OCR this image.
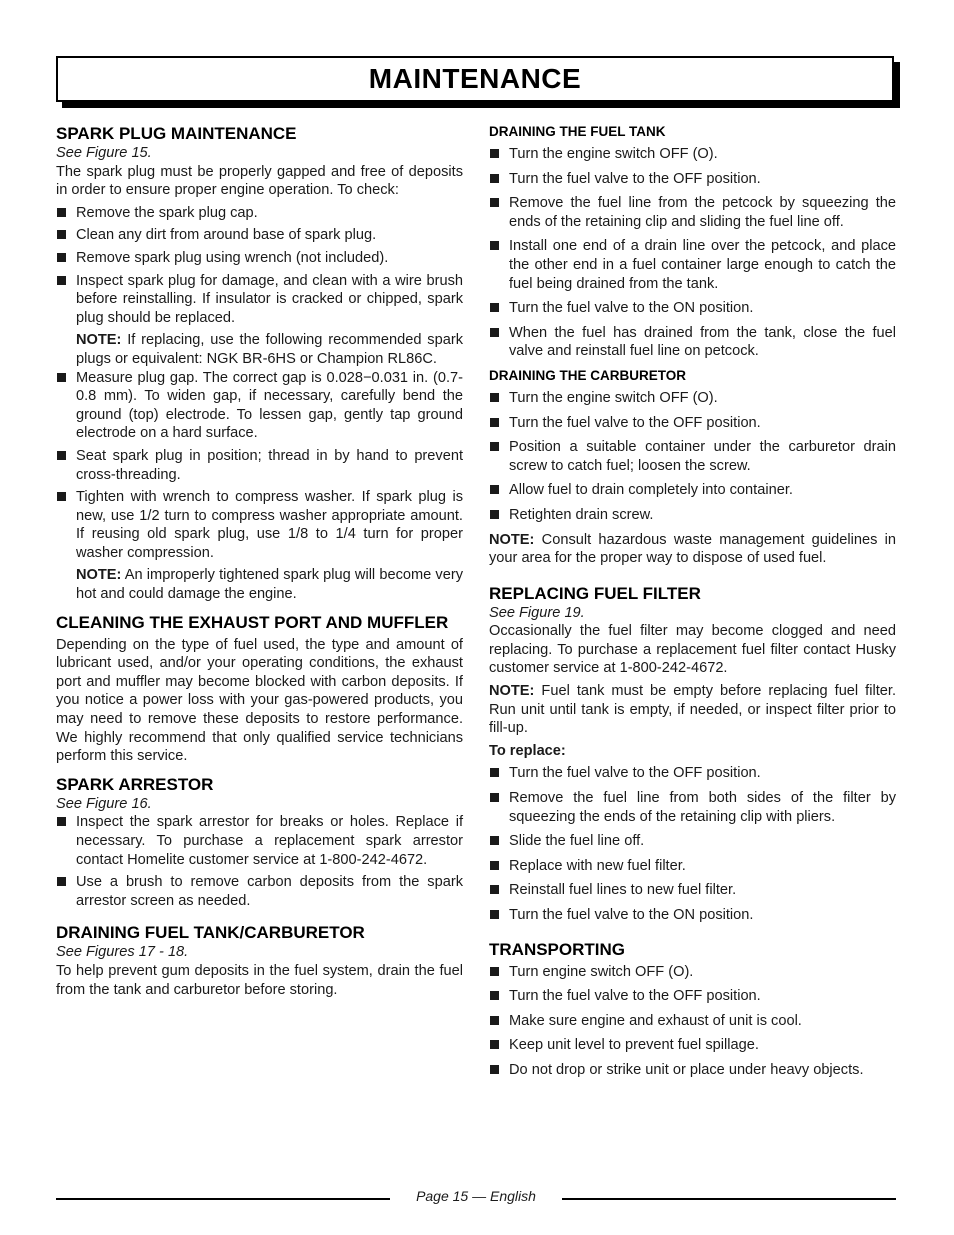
MAINTENANCE
SPARK PLUG MAINTENANCE

See Figure 15.

The spark plug must be properly gapped and free of deposits in order to ensure proper engine operation. To check:

Remove the spark plug cap.
Clean any dirt from around base of spark plug.
Remove spark plug using wrench (not included).
Inspect spark plug for damage, and clean with a wire brush before reinstalling. If insulator is cracked or chipped, spark plug should be replaced.

NOTE: If replacing, use the following recommended spark plugs or equivalent: NGK BR-6HS or Champion RL86C.

Measure plug gap. The correct gap is 0.028−0.031 in. (0.7-0.8 mm). To widen gap, if necessary, carefully bend the ground (top) electrode. To lessen gap, gently tap ground electrode on a hard surface.
Seat spark plug in position; thread in by hand to prevent cross-threading.
Tighten with wrench to compress washer. If spark plug is new, use 1/2 turn to compress washer appropriate amount. If reusing old spark plug, use 1/8 to 1/4 turn for proper washer compression.

NOTE: An improperly tightened spark plug will become very hot and could damage the engine.

CLEANING THE EXHAUST PORT AND MUFFLER

Depending on the type of fuel used, the type and amount of lubricant used, and/or your operating conditions, the exhaust port and muffler may become blocked with carbon deposits. If you notice a power loss with your gas-powered products, you may need to remove these deposits to restore performance. We highly recommend that only qualified service technicians perform this service.

SPARK ARRESTOR

See Figure 16.

Inspect the spark arrestor for breaks or holes. Replace if necessary. To purchase a replacement spark arrestor contact Homelite customer service at 1-800-242-4672.
Use a brush to remove carbon deposits from the spark arrestor screen as needed.
DRAINING FUEL TANK/CARBURETOR

See Figures 17 - 18.

To help prevent gum deposits in the fuel system, drain the fuel from the tank and carburetor before storing.

DRAINING THE FUEL TANK
Turn the engine switch OFF (O).
Turn the fuel valve to the OFF position.
Remove the fuel line from the petcock by squeezing the ends of the retaining clip and sliding the fuel line off.
Install one end of a drain line over the petcock, and place the other end in a fuel container large enough to catch the fuel being drained from the tank.
Turn the fuel valve to the ON position.
When the fuel has drained from the tank, close the fuel valve and reinstall fuel line on petcock.
DRAINING THE CARBURETOR
Turn the engine switch OFF (O).
Turn the fuel valve to the OFF position.
Position a suitable container under the carburetor drain screw to catch fuel; loosen the screw.
Allow fuel to drain completely into container.
Retighten drain screw.

NOTE: Consult hazardous waste management guidelines in your area for the proper way to dispose of used fuel.

REPLACING FUEL FILTER

See Figure 19.

Occasionally the fuel filter may become clogged and need replacing. To purchase a replacement fuel filter contact Husky customer service at 1-800-242-4672.

NOTE: Fuel tank must be empty before replacing fuel filter. Run unit until tank is empty, if needed, or inspect filter prior to fill-up.

To replace:

Turn the fuel valve to the OFF position.
Remove the fuel line from both sides of the filter by squeezing the ends of the retaining clip with pliers.
Slide the fuel line off.
Replace with new fuel filter.
Reinstall fuel lines to new fuel filter.
Turn the fuel valve to the ON position.
TRANSPORTING
Turn engine switch OFF (O).
Turn the fuel valve to the OFF position.
Make sure engine and exhaust of unit is cool.
Keep unit level to prevent fuel spillage.
Do not drop or strike unit or place under heavy objects.
Page 15 — English
